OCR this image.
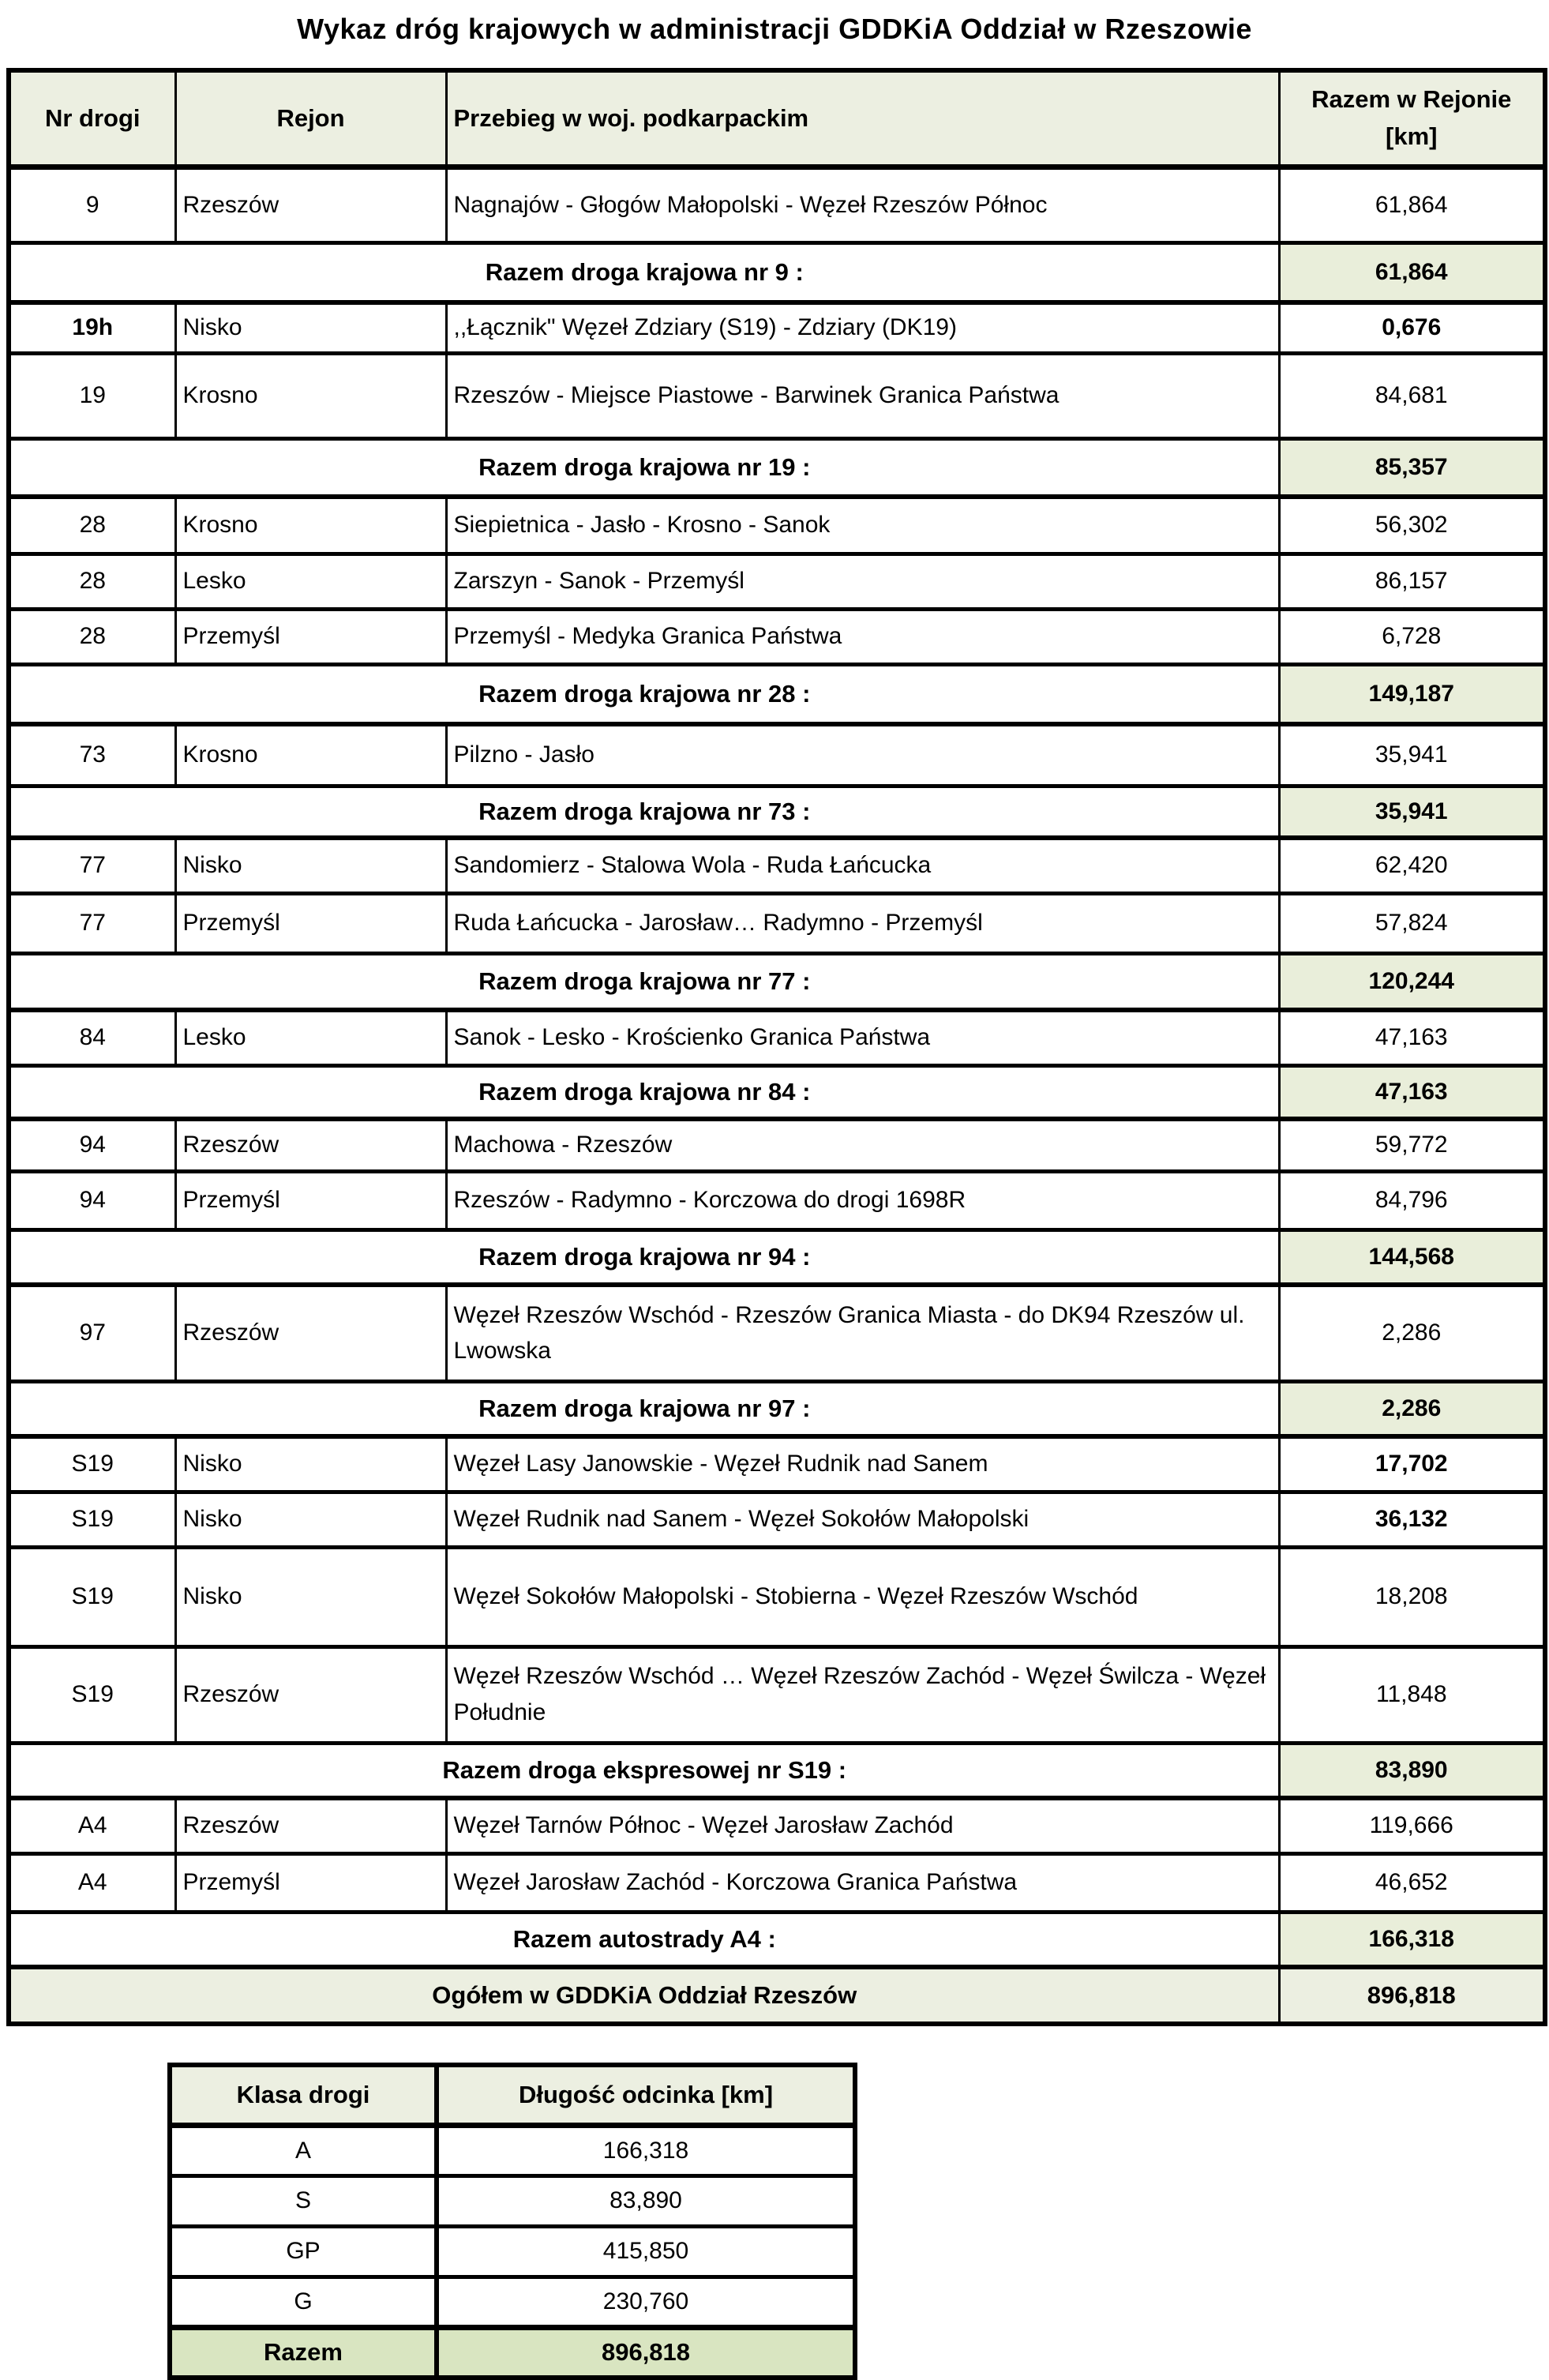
Wykaz dróg krajowych w administracji GDDKiA Oddział w Rzeszowie
Nr drogi	Rejon	Przebieg w woj. podkarpackim	Razem w Rejonie [km]
9	Rzeszów	Nagnajów - Głogów Małopolski - Węzeł Rzeszów Północ	61,864
Razem droga krajowa nr 9 :			61,864
19h	Nisko	,,Łącznik" Węzeł Zdziary (S19) - Zdziary (DK19)	0,676
19	Krosno	Rzeszów - Miejsce Piastowe - Barwinek Granica Państwa	84,681
Razem droga krajowa nr 19 :			85,357
28	Krosno	Siepietnica - Jasło - Krosno - Sanok	56,302
28	Lesko	Zarszyn - Sanok - Przemyśl	86,157
28	Przemyśl	Przemyśl - Medyka Granica Państwa	6,728
Razem droga krajowa nr 28 :			149,187
73	Krosno	Pilzno - Jasło	35,941
Razem droga krajowa nr 73 :			35,941
77	Nisko	Sandomierz - Stalowa Wola - Ruda Łańcucka	62,420
77	Przemyśl	Ruda Łańcucka - Jarosław… Radymno - Przemyśl	57,824
Razem droga krajowa nr 77 :			120,244
84	Lesko	Sanok - Lesko - Krościenko Granica Państwa	47,163
Razem droga krajowa nr 84 :			47,163
94	Rzeszów	Machowa - Rzeszów	59,772
94	Przemyśl	Rzeszów - Radymno - Korczowa do drogi 1698R	84,796
Razem droga krajowa nr 94 :			144,568
97	Rzeszów	Węzeł Rzeszów Wschód - Rzeszów Granica Miasta - do DK94 Rzeszów ul. Lwowska	2,286
Razem droga krajowa nr 97 :			2,286
S19	Nisko	Węzeł Lasy Janowskie - Węzeł Rudnik nad Sanem	17,702
S19	Nisko	Węzeł Rudnik nad Sanem - Węzeł Sokołów Małopolski	36,132
S19	Nisko	Węzeł Sokołów Małopolski - Stobierna - Węzeł Rzeszów Wschód	18,208
S19	Rzeszów	Węzeł Rzeszów Wschód … Węzeł Rzeszów Zachód - Węzeł Świlcza - Węzeł Południe	11,848
Razem droga ekspresowej nr S19 :			83,890
A4	Rzeszów	Węzeł Tarnów Północ - Węzeł Jarosław Zachód	119,666
A4	Przemyśl	Węzeł Jarosław Zachód - Korczowa Granica Państwa	46,652
Razem autostrady A4 :			166,318
Ogółem w GDDKiA Oddział Rzeszów			896,818
Klasa drogi	Długość odcinka [km]
A	166,318
S	83,890
GP	415,850
G	230,760
Razem	896,818
